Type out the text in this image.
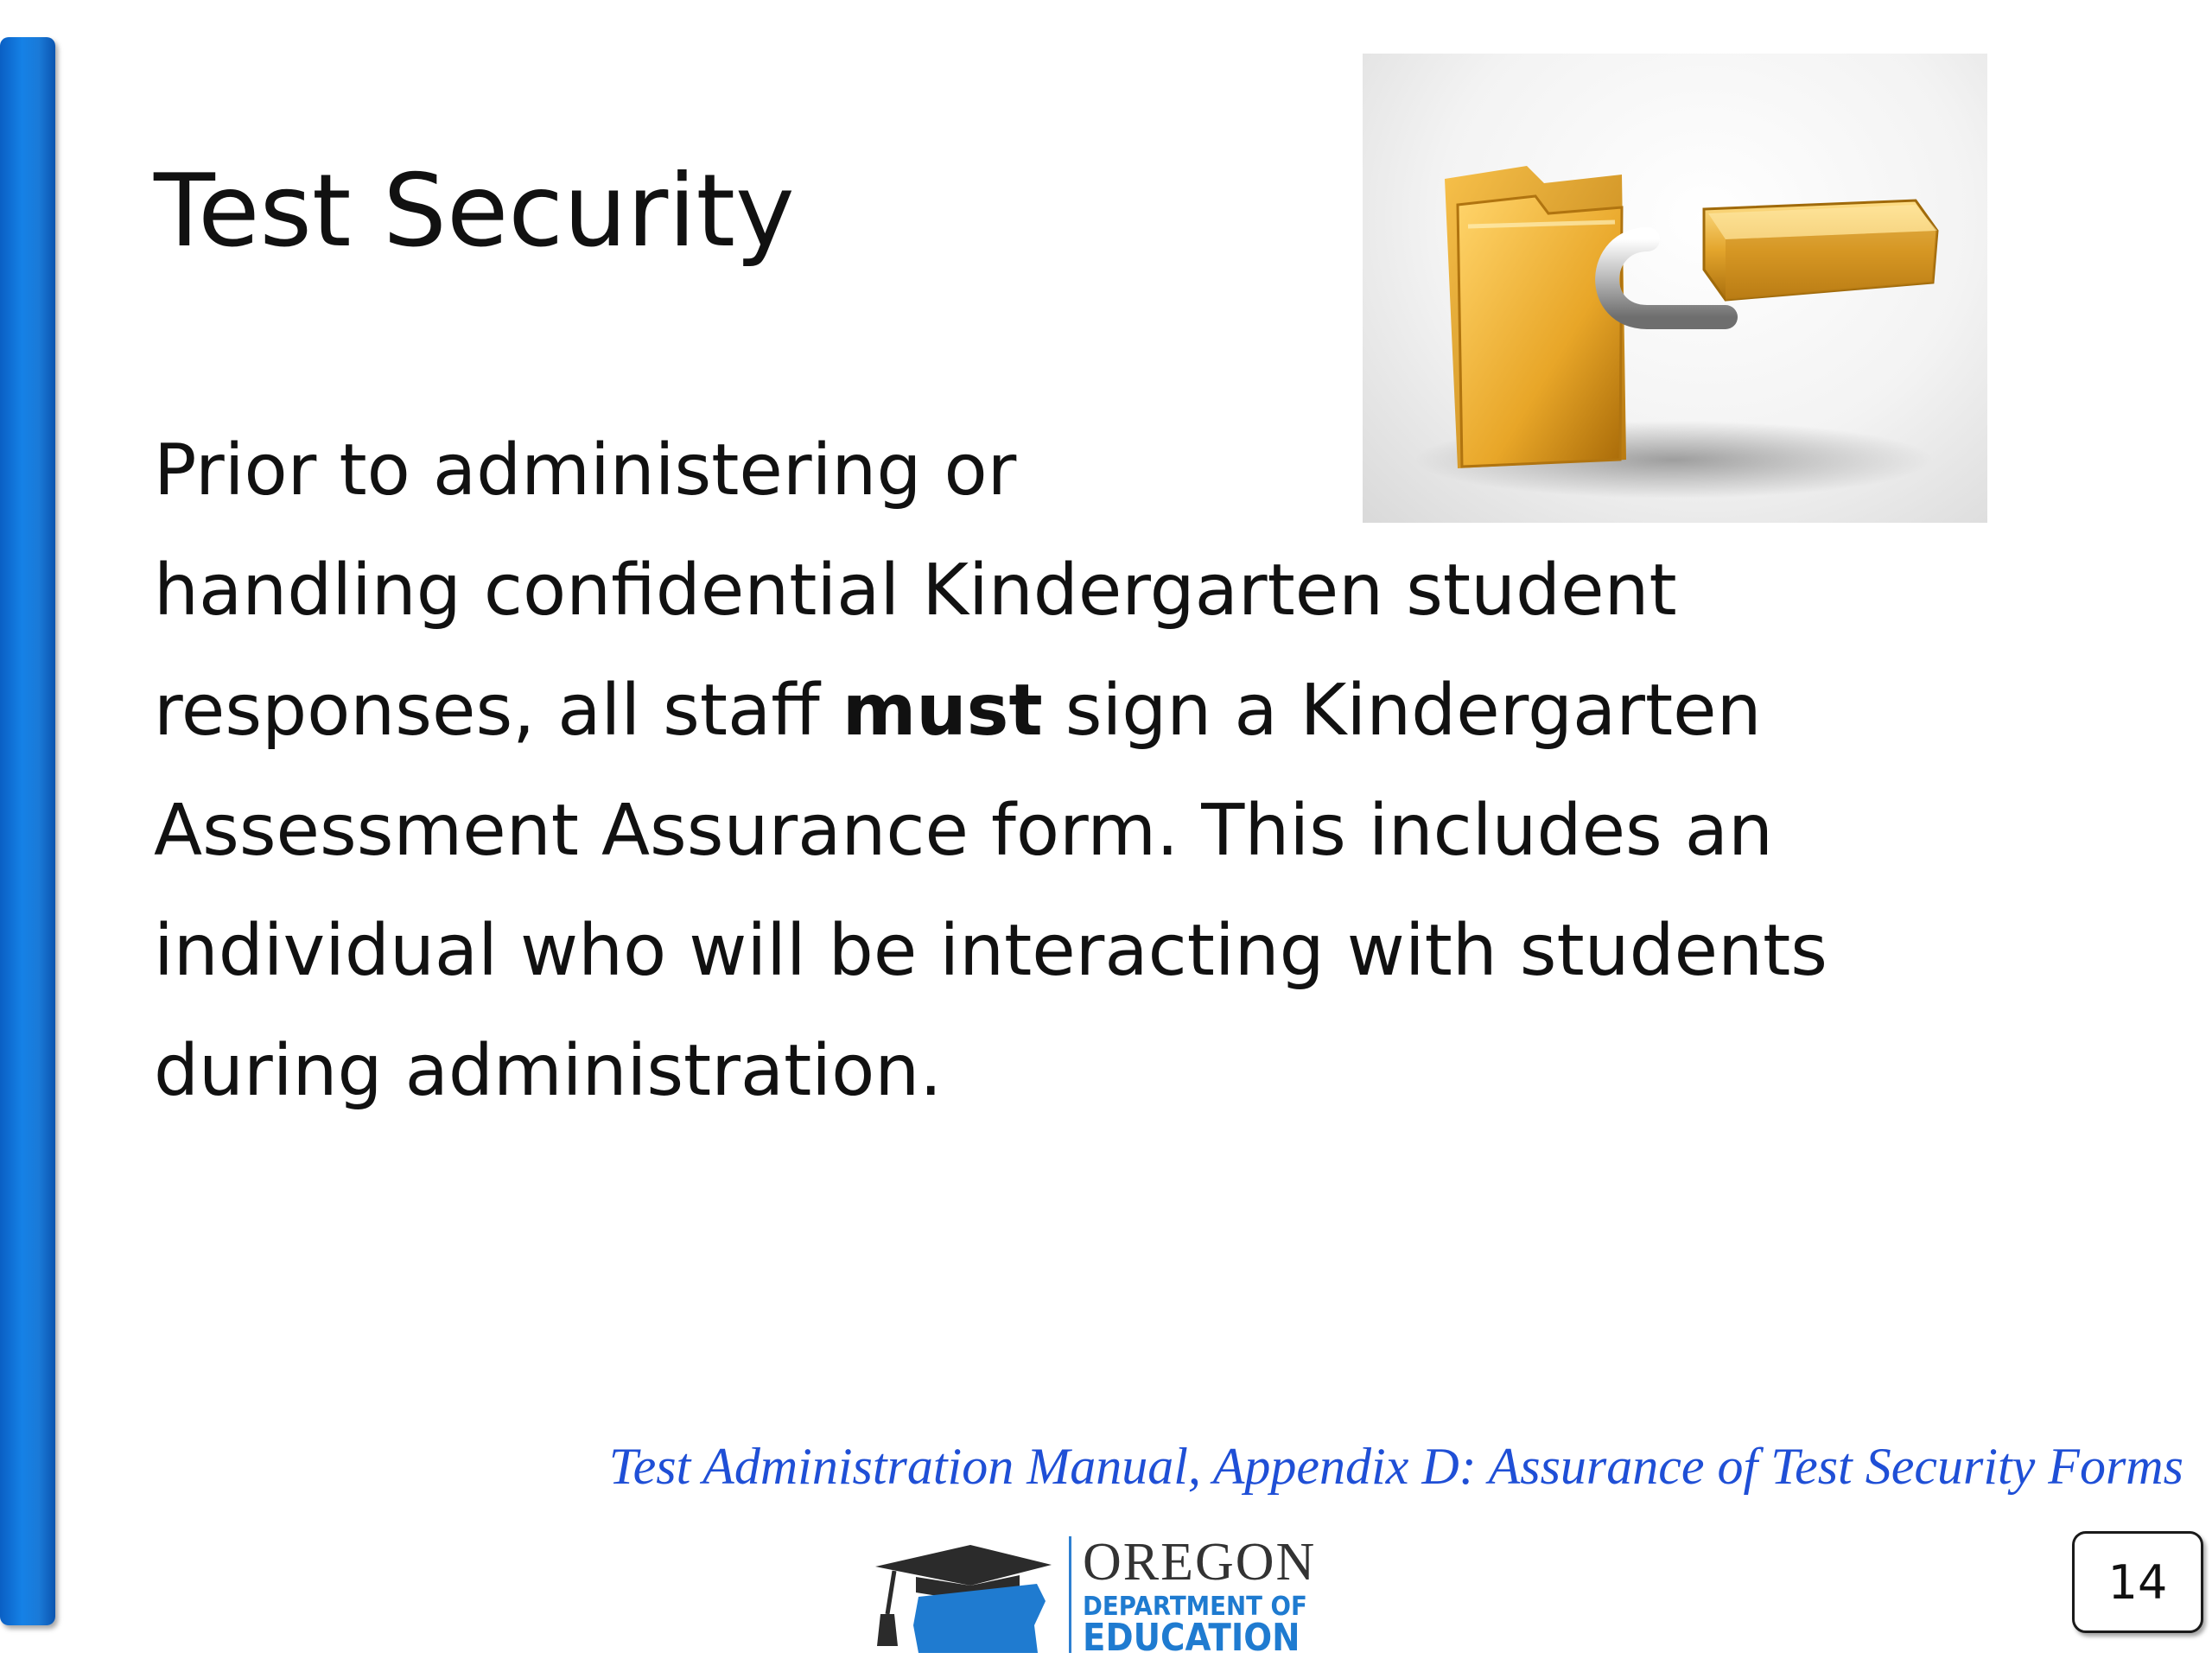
Test Security
Prior to administering or
handling confidential Kindergarten student
responses, all staff must sign a Kindergarten
Assessment Assurance form. This includes an
individual who will be interacting with students
during administration.

Test Administration Manual, Appendix D: Assurance of Test Security Forms

OREGON
DEPARTMENT OF
EDUCATION
14
